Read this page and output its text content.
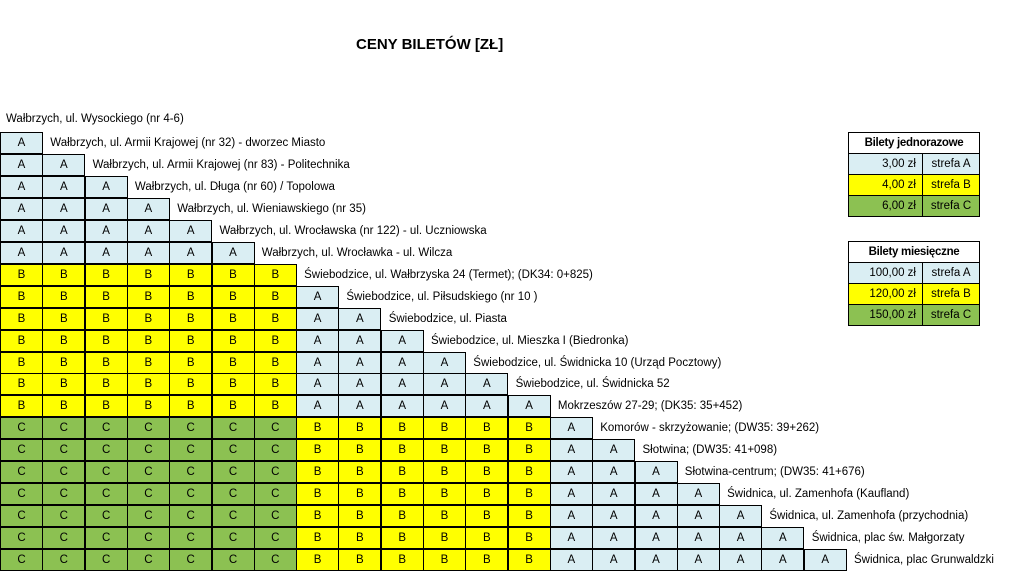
CENY BILETÓW [ZŁ]
Wałbrzych, ul. Wysockiego (nr 4-6)
A	Wałbrzych, ul. Armii Krajowej (nr 32) - dworzec Miasto
A	A	Wałbrzych, ul. Armii Krajowej (nr 83) - Politechnika
A	A	A	Wałbrzych, ul. Długa (nr 60) / Topolowa
A	A	A	A	Wałbrzych, ul. Wieniawskiego (nr 35)
A	A	A	A	A	Wałbrzych, ul. Wrocławska (nr 122) - ul. Uczniowska
A	A	A	A	A	A	Wałbrzych, ul. Wrocławka - ul. Wilcza
B	B	B	B	B	B	B	Świebodzice, ul. Wałbrzyska 24 (Termet); (DK34: 0+825)
B	B	B	B	B	B	B	A	Świebodzice, ul. Piłsudskiego (nr 10 )
B	B	B	B	B	B	B	A	A	Świebodzice, ul. Piasta
B	B	B	B	B	B	B	A	A	A	Świebodzice, ul. Mieszka I (Biedronka)
B	B	B	B	B	B	B	A	A	A	A	Świebodzice, ul. Świdnicka 10 (Urząd Pocztowy)
B	B	B	B	B	B	B	A	A	A	A	A	Świebodzice, ul. Świdnicka 52
B	B	B	B	B	B	B	A	A	A	A	A	A	Mokrzeszów 27-29; (DK35: 35+452)
C	C	C	C	C	C	C	B	B	B	B	B	B	A	Komorów - skrzyżowanie; (DW35: 39+262)
C	C	C	C	C	C	C	B	B	B	B	B	B	A	A	Słotwina; (DW35: 41+098)
C	C	C	C	C	C	C	B	B	B	B	B	B	A	A	A	Słotwina-centrum; (DW35: 41+676)
C	C	C	C	C	C	C	B	B	B	B	B	B	A	A	A	A	Świdnica, ul. Zamenhofa (Kaufland)
C	C	C	C	C	C	C	B	B	B	B	B	B	A	A	A	A	A	Świdnica, ul. Zamenhofa (przychodnia)
C	C	C	C	C	C	C	B	B	B	B	B	B	A	A	A	A	A	A	Świdnica, plac św. Małgorzaty
C	C	C	C	C	C	C	B	B	B	B	B	B	A	A	A	A	A	A	A	Świdnica, plac Grunwaldzki
Bilety jednorazowe
3,00 zł	strefa A
4,00 zł	strefa B
6,00 zł	strefa C
Bilety miesięczne
100,00 zł	strefa A
120,00 zł	strefa B
150,00 zł	strefa C
